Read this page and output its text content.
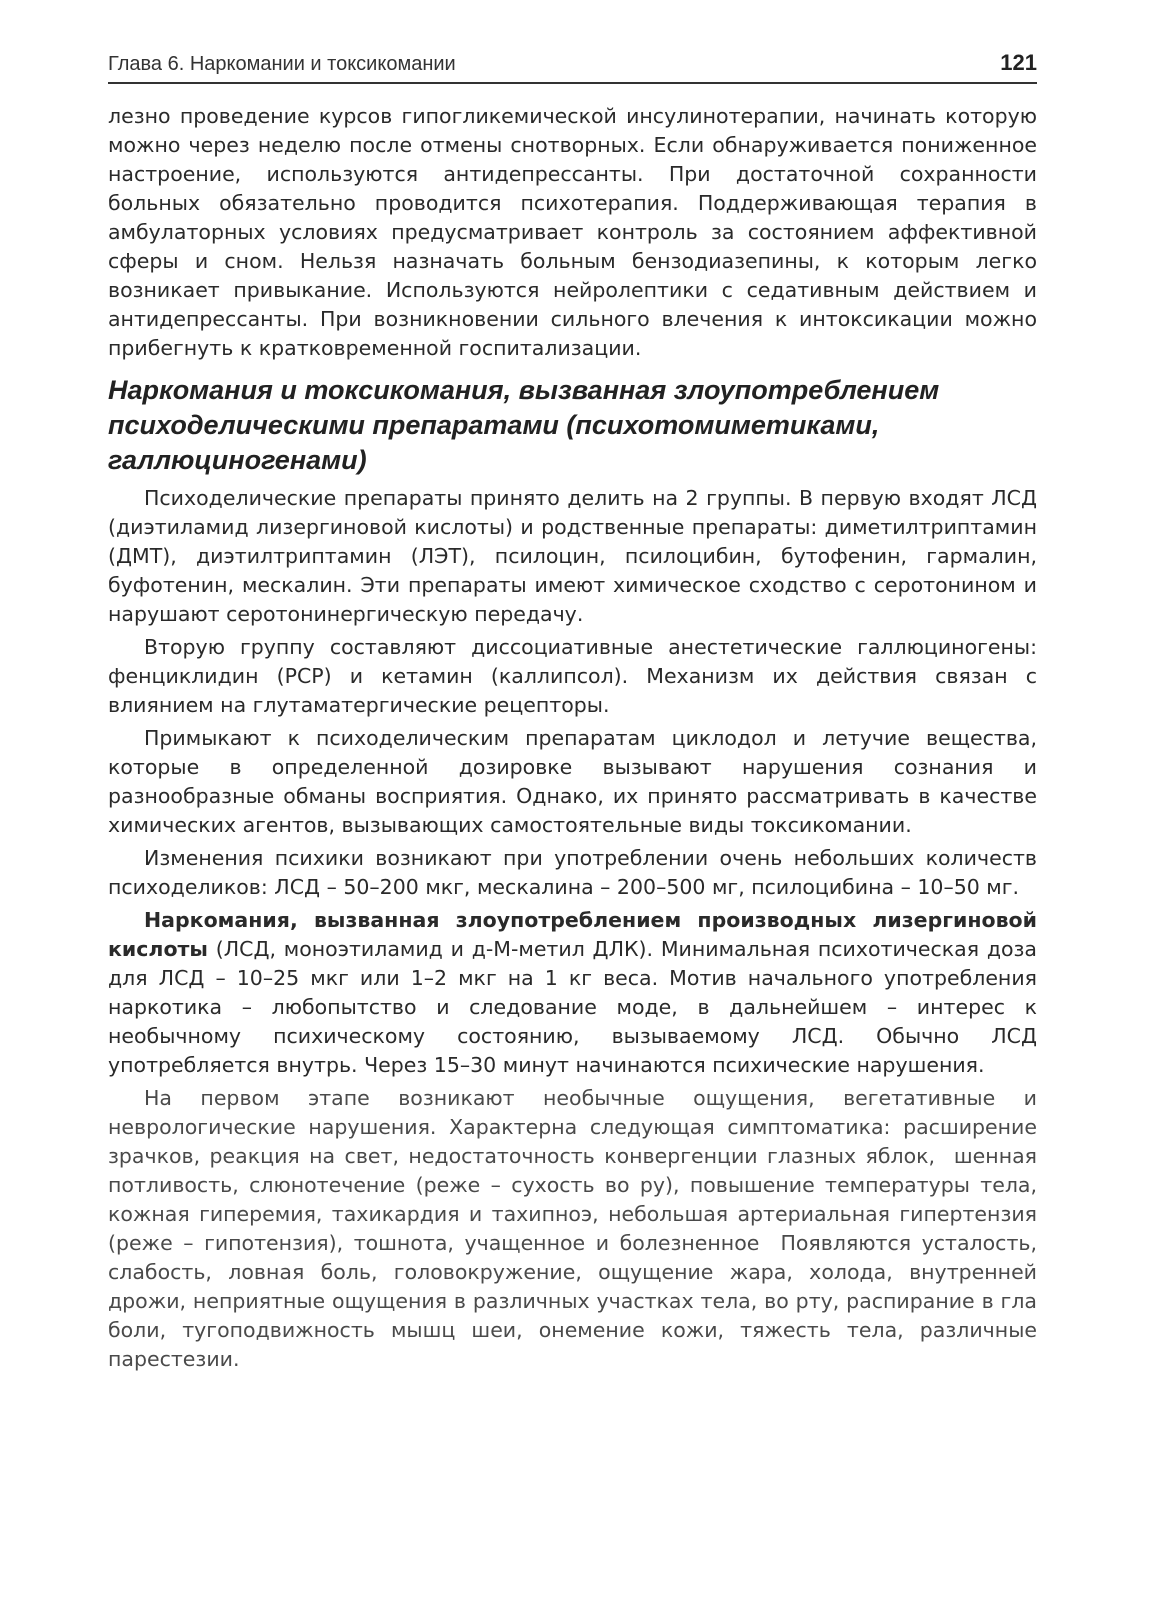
Глава 6. Наркомании и токсикомании	121

лезно проведение курсов гипогликемической инсулинотерапии, начинать которую можно через неделю после отмены снотворных. Если обнаруживается пониженное настроение, используются антидепрессанты. При достаточной сохранности больных обязательно проводится психотерапия. Поддерживающая терапия в амбулаторных условиях предусматривает контроль за состоянием аффективной сферы и сном. Нельзя назначать больным бензодиазепины, к которым легко возникает привыкание. Используются нейролептики с седативным действием и антидепрессанты. При возникновении сильного влечения к интоксикации можно прибегнуть к кратковременной госпитализации.

Наркомания и токсикомания, вызванная злоупотреблением психоделическими препаратами (психотомиметиками, галлюциногенами)

Психоделические препараты принято делить на 2 группы. В первую входят ЛСД (диэтиламид лизергиновой кислоты) и родственные препараты: диметилтриптамин (ДМТ), диэтилтриптамин (ЛЭТ), псилоцин, псилоцибин, бутофенин, гармалин, буфотенин, мескалин. Эти препараты имеют химическое сходство с серотонином и нарушают серотонинергическую передачу.

Вторую группу составляют диссоциативные анестетические галлюциногены: фенциклидин (PCP) и кетамин (калли⁠псол). Механизм их действия связан с влиянием на глутаматергические рецеп⁠торы.

Примыкают к психоделическим препаратам циклодол и летучие вещества, которые в определенной дозировке вызывают нарушения сознания и разнообразные обманы восприятия. Однако, их принято рассматривать в качестве химических агентов, вызывающих самостоятельные виды токсикомании.

Изменения психики возникают при употреблении очень небольших количеств психоделиков: ЛСД – 50–200 мкг, мескалина – 200–500 мг, псилоцибина – 10–50 мг.

Наркомания, вызванная злоупотреблением производных лизергиновой кислоты (ЛСД, моноэтиламид и д-М-метил ДЛК). Минимальная психотическая доза для ЛСД – 10–25 мкг или 1–2 мкг на 1 кг веса. Мотив начального употребления наркотика – любоп⁠ытство и следование моде, в дальнейшем – интерес к необычному психическому состоян⁠ию, вызываемому ЛСД. Обычно ЛСД употребляется внутрь. Через 15–30 минут начинаются психические нарушения.

На первом этапе возникают необычные ощущения, вегетативные и неврологически⁠е нарушения. Характерна следующая симптоматика: расширение зрачков, ⁠реакция ⁠на свет, недост⁠аточность конвергенции глазных яблок, ⁠ ⁠шенная потливость, ⁠слюнотечени⁠е (реже – сухость во ⁠р⁠у), повышение температуры тела, кожная гиперемия, тахикардия и тахипноэ, небольшая артери⁠альная гиперт⁠ензия (реже – гипотензия), тошнота, учащенное и болезненн⁠⁠ое ⁠ Появляются усталость, слабость, ⁠ловная бол⁠ь, головокружение, ощущение жара, холода, внутренней дрожи, неприятные ощущения в различных участках тела, во рту, распирание в гла⁠ ⁠боли, тугоподвижность мышц шеи, онемение кожи, тяжест⁠ь тела, различные парестезии.
